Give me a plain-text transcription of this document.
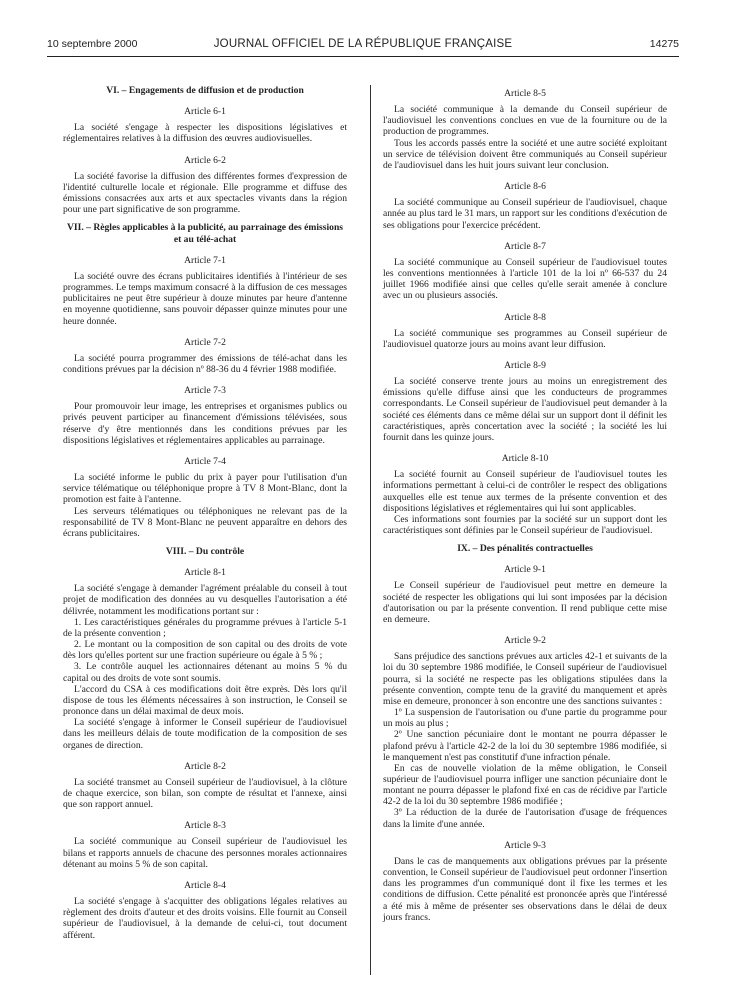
10 septembre 2000	JOURNAL OFFICIEL DE LA RÉPUBLIQUE FRANÇAISE	14275
VI. – Engagements de diffusion et de production
Article 6-1

La société s'engage à respecter les dispositions législatives et réglementaires relatives à la diffusion des œuvres audiovisuelles.

Article 6-2

La société favorise la diffusion des différentes formes d'expression de l'identité culturelle locale et régionale. Elle programme et diffuse des émissions consacrées aux arts et aux spectacles vivants dans la région pour une part significative de son programme.

VII. – Règles applicables à la publicité, au parrainage des émissions et au télé-achat
Article 7-1

La société ouvre des écrans publicitaires identifiés à l'intérieur de ses programmes. Le temps maximum consacré à la diffusion de ces messages publicitaires ne peut être supérieur à douze minutes par heure d'antenne en moyenne quotidienne, sans pouvoir dépasser quinze minutes pour une heure donnée.

Article 7-2

La société pourra programmer des émissions de télé-achat dans les conditions prévues par la décision nº 88-36 du 4 février 1988 modifiée.

Article 7-3

Pour promouvoir leur image, les entreprises et organismes publics ou privés peuvent participer au financement d'émissions télévisées, sous réserve d'y être mentionnés dans les conditions prévues par les dispositions législatives et réglementaires applicables au parrainage.

Article 7-4

La société informe le public du prix à payer pour l'utilisation d'un service télématique ou téléphonique propre à TV 8 Mont-Blanc, dont la promotion est faite à l'antenne.

Les serveurs télématiques ou téléphoniques ne relevant pas de la responsabilité de TV 8 Mont-Blanc ne peuvent apparaître en dehors des écrans publicitaires.

VIII. – Du contrôle
Article 8-1

La société s'engage à demander l'agrément préalable du conseil à tout projet de modification des données au vu desquelles l'autorisation a été délivrée, notamment les modifications portant sur :

1. Les caractéristiques générales du programme prévues à l'article 5-1 de la présente convention ;

2. Le montant ou la composition de son capital ou des droits de vote dès lors qu'elles portent sur une fraction supérieure ou égale à 5 % ;

3. Le contrôle auquel les actionnaires détenant au moins 5 % du capital ou des droits de vote sont soumis.

L'accord du CSA à ces modifications doit être exprès. Dès lors qu'il dispose de tous les éléments nécessaires à son instruction, le Conseil se prononce dans un délai maximal de deux mois.

La société s'engage à informer le Conseil supérieur de l'audiovisuel dans les meilleurs délais de toute modification de la composition de ses organes de direction.

Article 8-2

La société transmet au Conseil supérieur de l'audiovisuel, à la clôture de chaque exercice, son bilan, son compte de résultat et l'annexe, ainsi que son rapport annuel.

Article 8-3

La société communique au Conseil supérieur de l'audiovisuel les bilans et rapports annuels de chacune des personnes morales actionnaires détenant au moins 5 % de son capital.

Article 8-4

La société s'engage à s'acquitter des obligations légales relatives au règlement des droits d'auteur et des droits voisins. Elle fournit au Conseil supérieur de l'audiovisuel, à la demande de celui-ci, tout document afférent.

Article 8-5

La société communique à la demande du Conseil supérieur de l'audiovisuel les conventions conclues en vue de la fourniture ou de la production de programmes.

Tous les accords passés entre la société et une autre société exploitant un service de télévision doivent être communiqués au Conseil supérieur de l'audiovisuel dans les huit jours suivant leur conclusion.

Article 8-6

La société communique au Conseil supérieur de l'audiovisuel, chaque année au plus tard le 31 mars, un rapport sur les conditions d'exécution de ses obligations pour l'exercice précédent.

Article 8-7

La société communique au Conseil supérieur de l'audiovisuel toutes les conventions mentionnées à l'article 101 de la loi nº 66-537 du 24 juillet 1966 modifiée ainsi que celles qu'elle serait amenée à conclure avec un ou plusieurs associés.

Article 8-8

La société communique ses programmes au Conseil supérieur de l'audiovisuel quatorze jours au moins avant leur diffusion.

Article 8-9

La société conserve trente jours au moins un enregistrement des émissions qu'elle diffuse ainsi que les conducteurs de programmes correspondants. Le Conseil supérieur de l'audiovisuel peut demander à la société ces éléments dans ce même délai sur un support dont il définit les caractéristiques, après concertation avec la société ; la société les lui fournit dans les quinze jours.

Article 8-10

La société fournit au Conseil supérieur de l'audiovisuel toutes les informations permettant à celui-ci de contrôler le respect des obligations auxquelles elle est tenue aux termes de la présente convention et des dispositions législatives et réglementaires qui lui sont applicables.

Ces informations sont fournies par la société sur un support dont les caractéristiques sont définies par le Conseil supérieur de l'audiovisuel.

IX. – Des pénalités contractuelles
Article 9-1

Le Conseil supérieur de l'audiovisuel peut mettre en demeure la société de respecter les obligations qui lui sont imposées par la décision d'autorisation ou par la présente convention. Il rend publique cette mise en demeure.

Article 9-2

Sans préjudice des sanctions prévues aux articles 42-1 et suivants de la loi du 30 septembre 1986 modifiée, le Conseil supérieur de l'audiovisuel pourra, si la société ne respecte pas les obligations stipulées dans la présente convention, compte tenu de la gravité du manquement et après mise en demeure, prononcer à son encontre une des sanctions suivantes :

1º La suspension de l'autorisation ou d'une partie du programme pour un mois au plus ;

2º Une sanction pécuniaire dont le montant ne pourra dépasser le plafond prévu à l'article 42-2 de la loi du 30 septembre 1986 modifiée, si le manquement n'est pas constitutif d'une infraction pénale.

En cas de nouvelle violation de la même obligation, le Conseil supérieur de l'audiovisuel pourra infliger une sanction pécuniaire dont le montant ne pourra dépasser le plafond fixé en cas de récidive par l'article 42-2 de la loi du 30 septembre 1986 modifiée ;

3º La réduction de la durée de l'autorisation d'usage de fréquences dans la limite d'une année.

Article 9-3

Dans le cas de manquements aux obligations prévues par la présente convention, le Conseil supérieur de l'audiovisuel peut ordonner l'insertion dans les programmes d'un communiqué dont il fixe les termes et les conditions de diffusion. Cette pénalité est prononcée après que l'intéressé a été mis à même de présenter ses observations dans le délai de deux jours francs.
